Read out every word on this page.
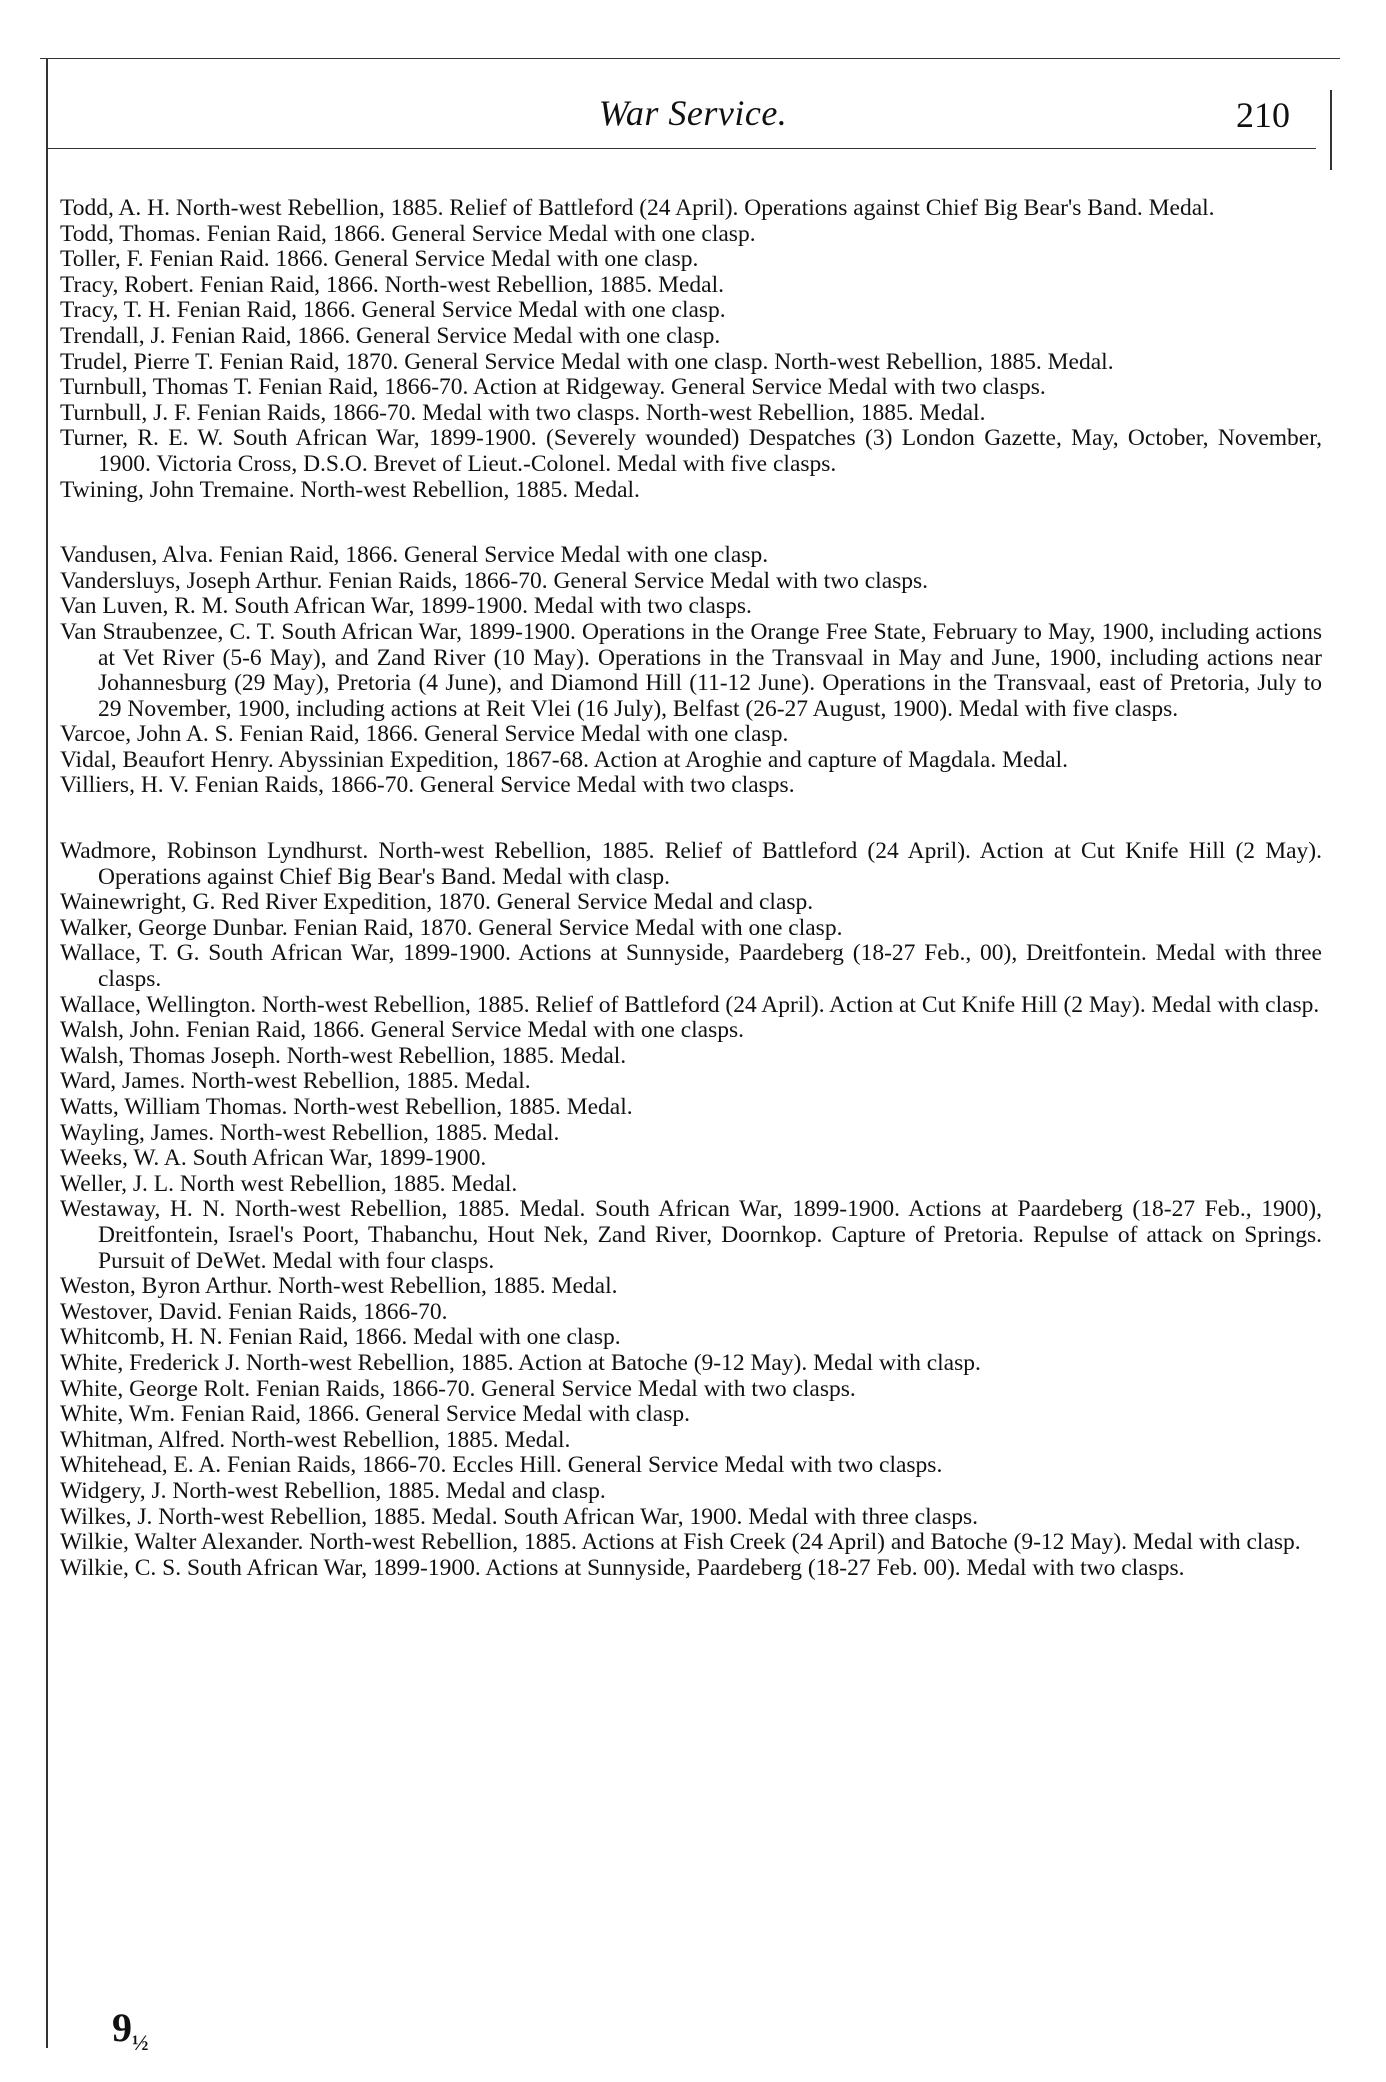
War Service.	210
Todd, A. H. North-west Rebellion, 1885. Relief of Battleford (24 April). Operations against Chief Big Bear's Band. Medal.
Todd, Thomas. Fenian Raid, 1866. General Service Medal with one clasp.
Toller, F. Fenian Raid. 1866. General Service Medal with one clasp.
Tracy, Robert. Fenian Raid, 1866. North-west Rebellion, 1885. Medal.
Tracy, T. H. Fenian Raid, 1866. General Service Medal with one clasp.
Trendall, J. Fenian Raid, 1866. General Service Medal with one clasp.
Trudel, Pierre T. Fenian Raid, 1870. General Service Medal with one clasp. North-west Rebellion, 1885. Medal.
Turnbull, Thomas T. Fenian Raid, 1866-70. Action at Ridgeway. General Service Medal with two clasps.
Turnbull, J. F. Fenian Raids, 1866-70. Medal with two clasps. North-west Rebellion, 1885. Medal.
Turner, R. E. W. South African War, 1899-1900. (Severely wounded) Despatches (3) London Gazette, May, October, November, 1900. Victoria Cross, D.S.O. Brevet of Lieut.-Colonel. Medal with five clasps.
Twining, John Tremaine. North-west Rebellion, 1885. Medal.
Vandusen, Alva. Fenian Raid, 1866. General Service Medal with one clasp.
Vandersluys, Joseph Arthur. Fenian Raids, 1866-70. General Service Medal with two clasps.
Van Luven, R. M. South African War, 1899-1900. Medal with two clasps.
Van Straubenzee, C. T. South African War, 1899-1900. Operations in the Orange Free State, February to May, 1900, including actions at Vet River (5-6 May), and Zand River (10 May). Operations in the Transvaal in May and June, 1900, including actions near Johannesburg (29 May), Pretoria (4 June), and Diamond Hill (11-12 June). Operations in the Transvaal, east of Pretoria, July to 29 November, 1900, including actions at Reit Vlei (16 July), Belfast (26-27 August, 1900). Medal with five clasps.
Varcoe, John A. S. Fenian Raid, 1866. General Service Medal with one clasp.
Vidal, Beaufort Henry. Abyssinian Expedition, 1867-68. Action at Aroghie and capture of Magdala. Medal.
Villiers, H. V. Fenian Raids, 1866-70. General Service Medal with two clasps.
Wadmore, Robinson Lyndhurst. North-west Rebellion, 1885. Relief of Battleford (24 April). Action at Cut Knife Hill (2 May). Operations against Chief Big Bear's Band. Medal with clasp.
Wainewright, G. Red River Expedition, 1870. General Service Medal and clasp.
Walker, George Dunbar. Fenian Raid, 1870. General Service Medal with one clasp.
Wallace, T. G. South African War, 1899-1900. Actions at Sunnyside, Paardeberg (18-27 Feb., 00), Dreitfontein. Medal with three clasps.
Wallace, Wellington. North-west Rebellion, 1885. Relief of Battleford (24 April). Action at Cut Knife Hill (2 May). Medal with clasp.
Walsh, John. Fenian Raid, 1866. General Service Medal with one clasps.
Walsh, Thomas Joseph. North-west Rebellion, 1885. Medal.
Ward, James. North-west Rebellion, 1885. Medal.
Watts, William Thomas. North-west Rebellion, 1885. Medal.
Wayling, James. North-west Rebellion, 1885. Medal.
Weeks, W. A. South African War, 1899-1900.
Weller, J. L. North west Rebellion, 1885. Medal.
Westaway, H. N. North-west Rebellion, 1885. Medal. South African War, 1899-1900. Actions at Paardeberg (18-27 Feb., 1900), Dreitfontein, Israel's Poort, Thabanchu, Hout Nek, Zand River, Doornkop. Capture of Pretoria. Repulse of attack on Springs. Pursuit of DeWet. Medal with four clasps.
Weston, Byron Arthur. North-west Rebellion, 1885. Medal.
Westover, David. Fenian Raids, 1866-70.
Whitcomb, H. N. Fenian Raid, 1866. Medal with one clasp.
White, Frederick J. North-west Rebellion, 1885. Action at Batoche (9-12 May). Medal with clasp.
White, George Rolt. Fenian Raids, 1866-70. General Service Medal with two clasps.
White, Wm. Fenian Raid, 1866. General Service Medal with clasp.
Whitman, Alfred. North-west Rebellion, 1885. Medal.
Whitehead, E. A. Fenian Raids, 1866-70. Eccles Hill. General Service Medal with two clasps.
Widgery, J. North-west Rebellion, 1885. Medal and clasp.
Wilkes, J. North-west Rebellion, 1885. Medal. South African War, 1900. Medal with three clasps.
Wilkie, Walter Alexander. North-west Rebellion, 1885. Actions at Fish Creek (24 April) and Batoche (9-12 May). Medal with clasp.
Wilkie, C. S. South African War, 1899-1900. Actions at Sunnyside, Paardeberg (18-27 Feb. 00). Medal with two clasps.
$9_{\frac{1}{2}}$
